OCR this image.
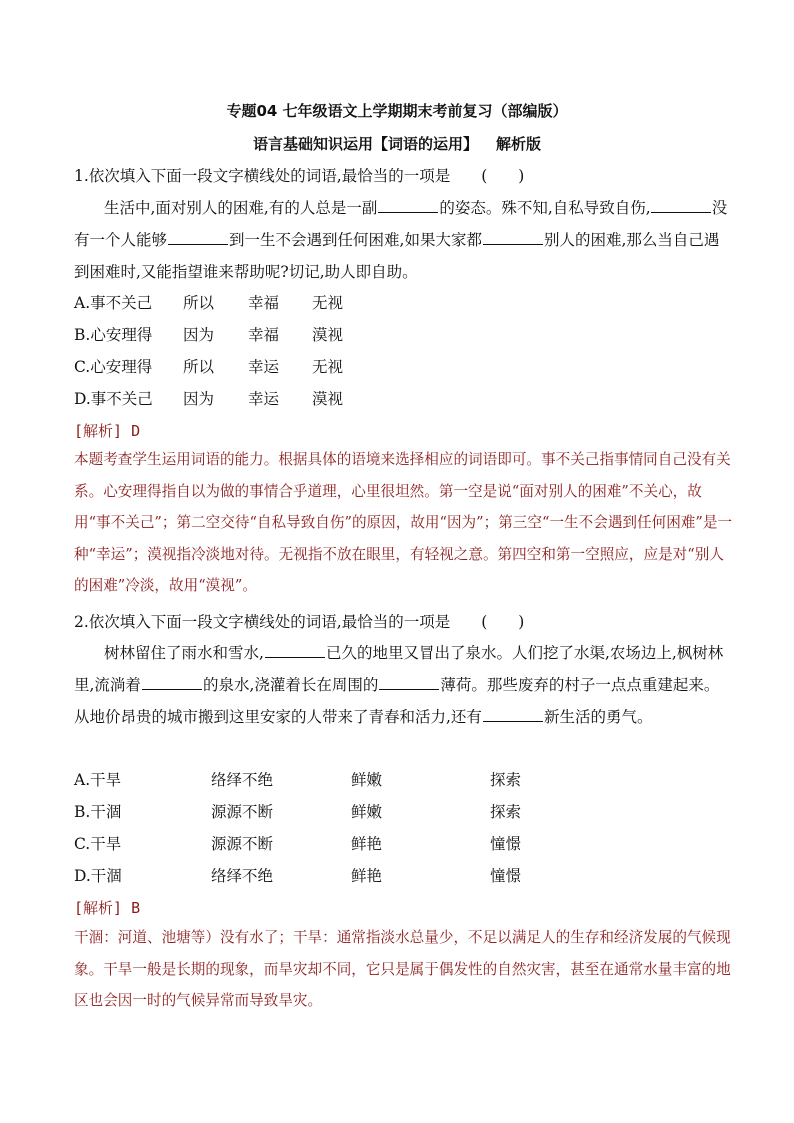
专题04 七年级语文上学期期末考前复习（部编版）
语言基础知识运用【词语的运用】 解析版
1.依次填入下面一段文字横线处的词语,最恰当的一项是　　(　　)
生活中,面对别人的困难,有的人总是一副	的姿态。殊不知,自私导致自伤,	没有一个人能够	到一生不会遇到任何困难,如果大家都	别人的困难,那么当自己遇到困难时,又能指望谁来帮助呢?切记,助人即自助。
A.事不关己 所以 幸福 无视
B.心安理得 因为 幸福 漠视
C.心安理得 所以 幸运 无视
D.事不关己 因为 幸运 漠视
[解析] D
本题考查学生运用词语的能力。根据具体的语境来选择相应的词语即可。事不关己指事情同自己没有关系。心安理得指自以为做的事情合乎道理，心里很坦然。第一空是说“面对别人的困难”不关心，故用“事不关己”；第二空交待“自私导致自伤”的原因，故用“因为”；第三空“一生不会遇到任何困难”是一种“幸运”；漠视指冷淡地对待。无视指不放在眼里，有轻视之意。第四空和第一空照应，应是对“别人的困难”冷淡，故用“漠视”。
2.依次填入下面一段文字横线处的词语,最恰当的一项是　　(　　)
树林留住了雨水和雪水,	已久的地里又冒出了泉水。人们挖了水渠,农场边上,枫树林里,流淌着	的泉水,浇灌着长在周围的	薄荷。那些废弃的村子一点点重建起来。从地价昂贵的城市搬到这里安家的人带来了青春和活力,还有	新生活的勇气。
A.干旱	络绎不绝	鲜嫩	探索
B.干涸	源源不断	鲜嫩	探索
C.干旱	源源不断	鲜艳	憧憬
D.干涸	络绎不绝	鲜艳	憧憬
[解析] B
干涸：河道、池塘等）没有水了；干旱：通常指淡水总量少，不足以满足人的生存和经济发展的气候现象。干旱一般是长期的现象，而旱灾却不同，它只是属于偶发性的自然灾害，甚至在通常水量丰富的地区也会因一时的气候异常而导致旱灾。
